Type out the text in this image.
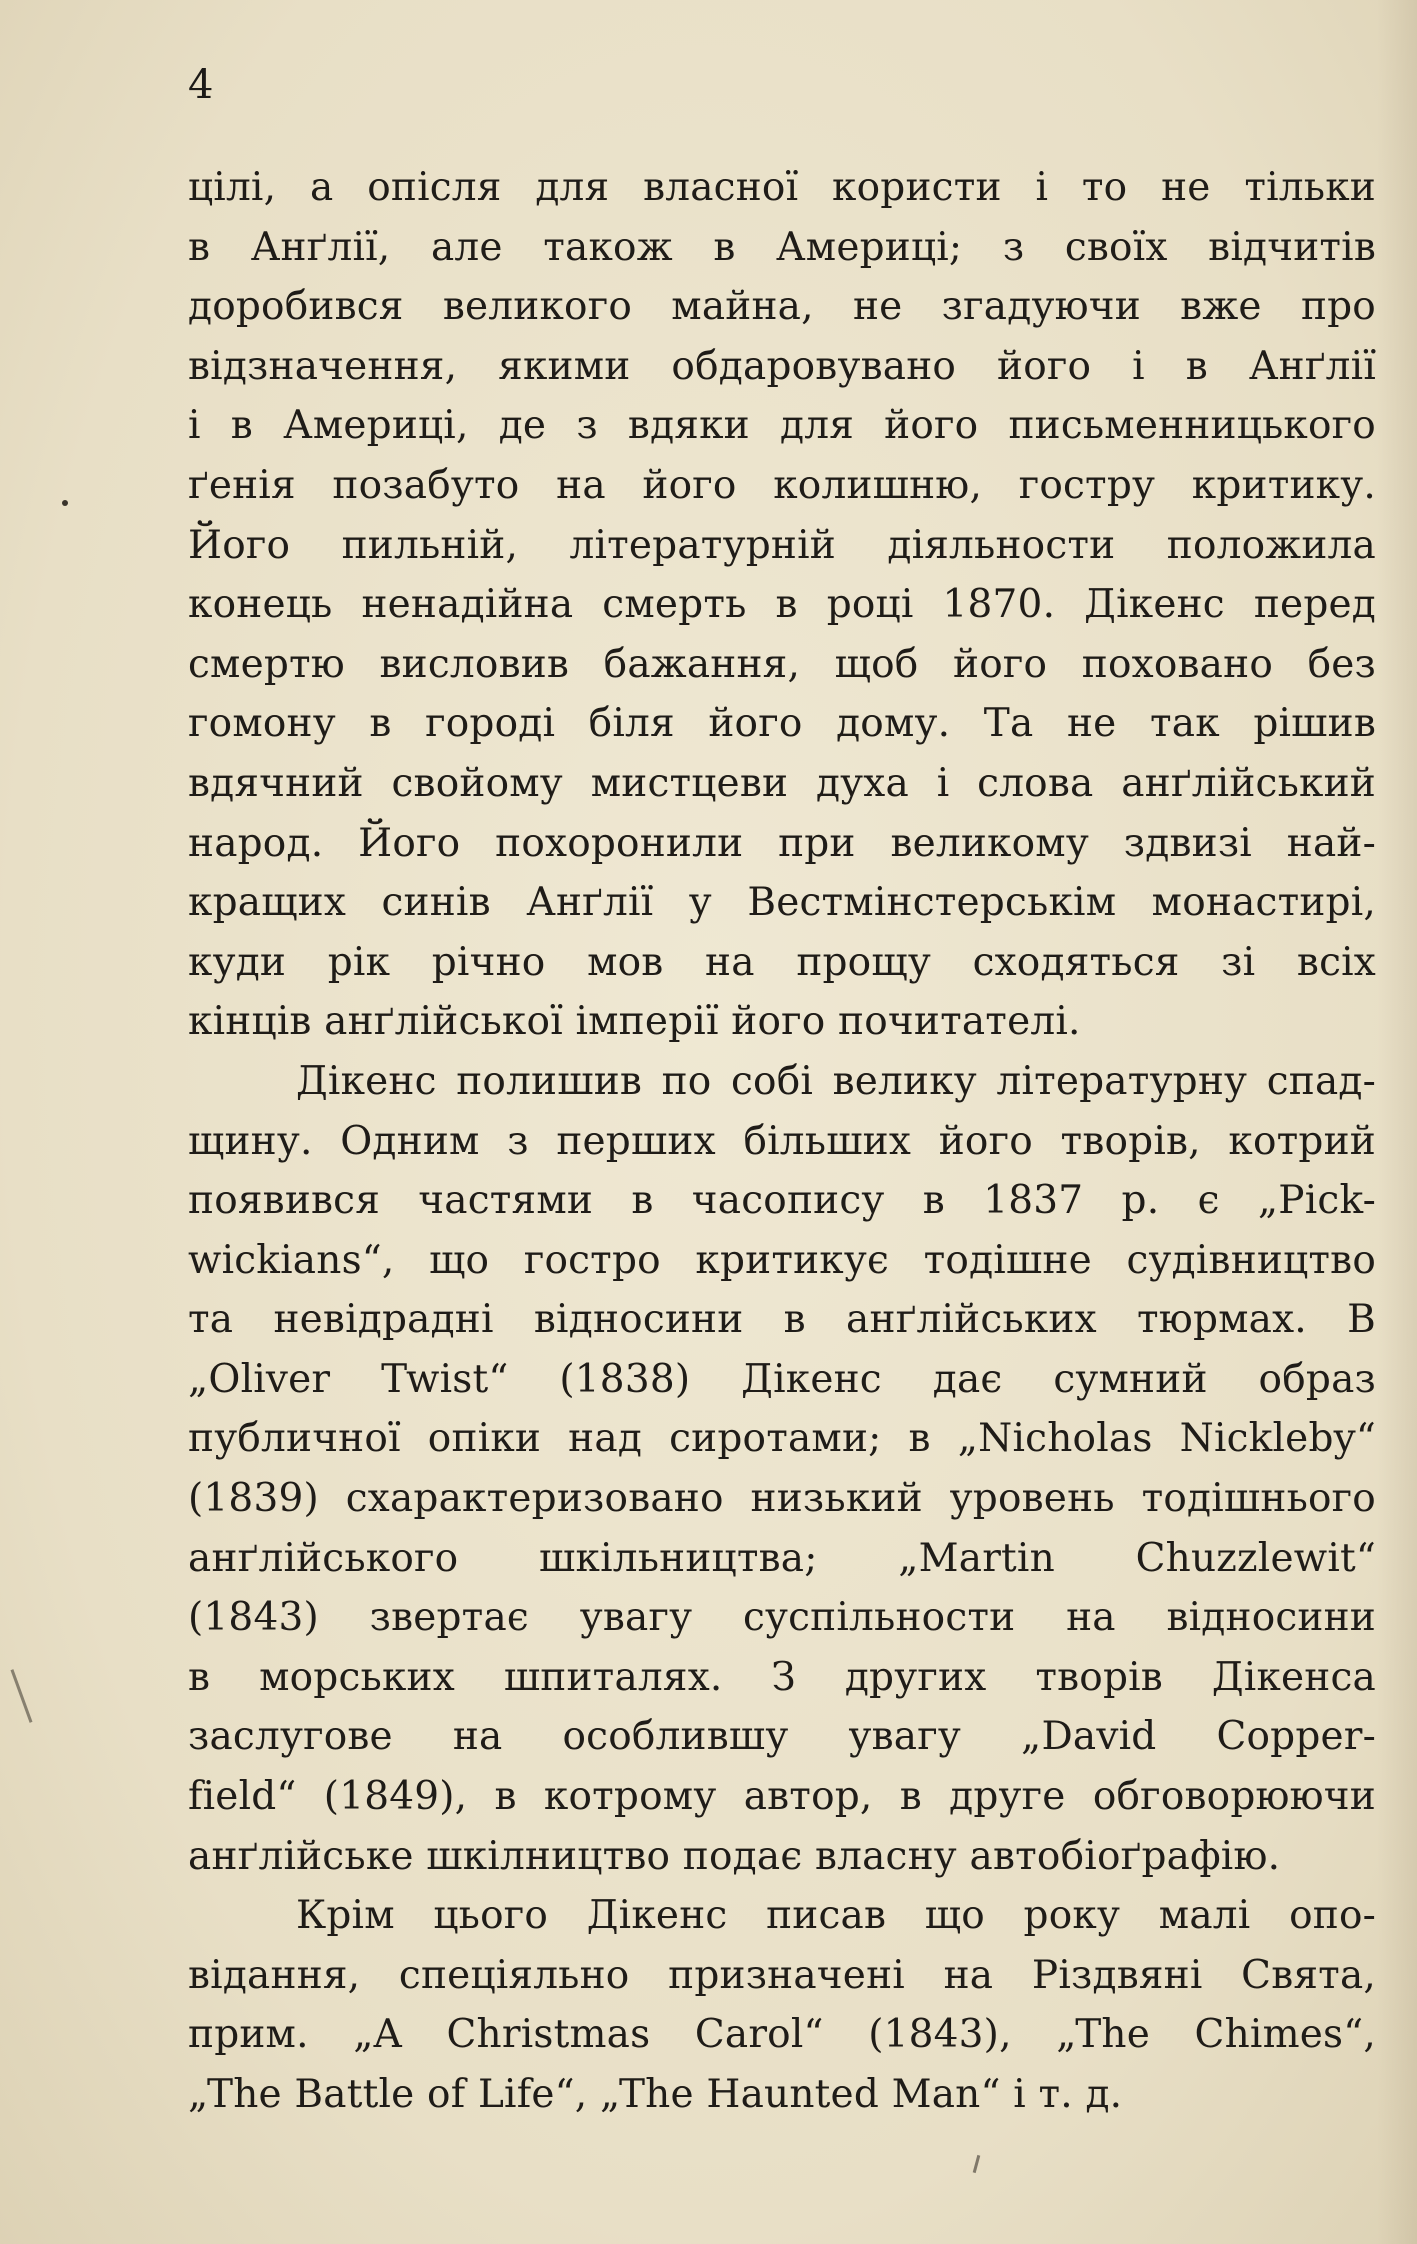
4

цілі, а опісля для власної користи і то не тільки
в Анґлії, але також в Америці; з своїх відчитів
доробився великого майна, не згадуючи вже про
відзначення, якими обдаровувано його і в Анґлії
і в Америці, де з вдяки для його письменницького
ґенія позабуто на його колишню, гостру критику.
Його пильній, літературній діяльности положила
конець ненадійна смерть в році 1870. Дікенс перед
смертю висловив бажання, щоб його поховано без
гомону в городі біля його дому. Та не так рішив
вдячний свойому мистцеви духа і слова анґлійський
народ. Його похоронили при великому здвизі най-
кращих синів Анґлії у Вестмінстерськім монастирі,
куди рік річно мов на прощу сходяться зі всіх
кінців анґлійської імперії його почитателі.

Дікенс полишив по собі велику літературну спад-
щину. Одним з перших більших його творів, котрий
появився частями в часопису в 1837 р. є „Pick-
wickians“, що гостро критикує тодішне судівництво
та невідрадні відносини в анґлійських тюрмах. В
„Oliver Twist“ (1838) Дікенс дає сумний образ
публичної опіки над сиротами; в „Nicholas Nickleby“
(1839) схарактеризовано низький уровень тодішнього
анґлійського шкільництва; „Martin Chuzzlewit“
(1843) звертає увагу суспільности на відносини
в морських шпиталях. З других творів Дікенса
заслугове на особлившу увагу „David Copper-
field“ (1849), в котрому автор, в друге обговорюючи
анґлійське шкілництво подає власну автобіоґрафію.

Крім цього Дікенс писав що року малі опо-
відання, спеціяльно призначені на Різдвяні Свята,
прим. „A Christmas Carol“ (1843), „The Chimes“,
„The Battle of Life“, „The Haunted Man“ і т. д.
